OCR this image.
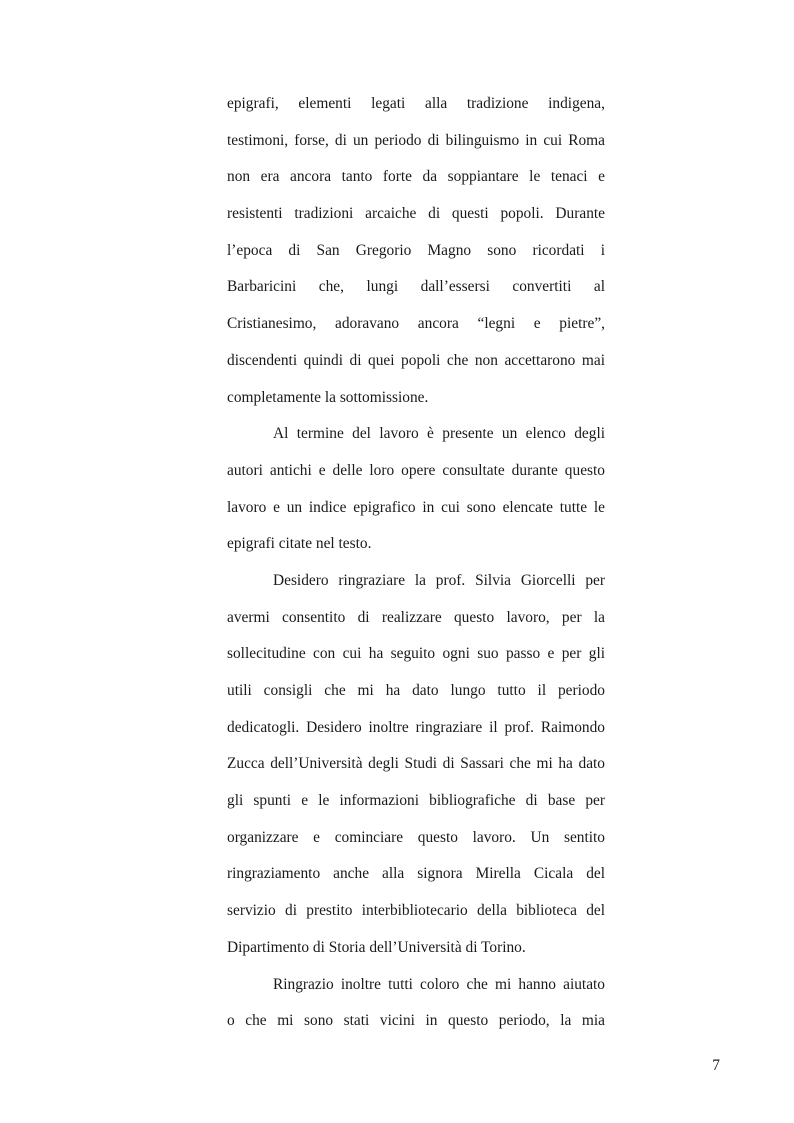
epigrafi, elementi legati alla tradizione indigena,
testimoni, forse, di un periodo di bilinguismo in cui Roma
non era ancora tanto forte da soppiantare le tenaci e
resistenti tradizioni arcaiche di questi popoli. Durante
l’epoca di San Gregorio Magno sono ricordati i
Barbaricini che, lungi dall’essersi convertiti al
Cristianesimo, adoravano ancora “legni e pietre”,
discendenti quindi di quei popoli che non accettarono mai
completamente la sottomissione.
Al termine del lavoro è presente un elenco degli
autori antichi e delle loro opere consultate durante questo
lavoro e un indice epigrafico in cui sono elencate tutte le
epigrafi citate nel testo.
Desidero ringraziare la prof. Silvia Giorcelli per
avermi consentito di realizzare questo lavoro, per la
sollecitudine con cui ha seguito ogni suo passo e per gli
utili consigli che mi ha dato lungo tutto il periodo
dedicatogli. Desidero inoltre ringraziare il prof. Raimondo
Zucca dell’Università degli Studi di Sassari che mi ha dato
gli spunti e le informazioni bibliografiche di base per
organizzare e cominciare questo lavoro. Un sentito
ringraziamento anche alla signora Mirella Cicala del
servizio di prestito interbibliotecario della biblioteca del
Dipartimento di Storia dell’Università di Torino.
Ringrazio inoltre tutti coloro che mi hanno aiutato
o che mi sono stati vicini in questo periodo, la mia
7
